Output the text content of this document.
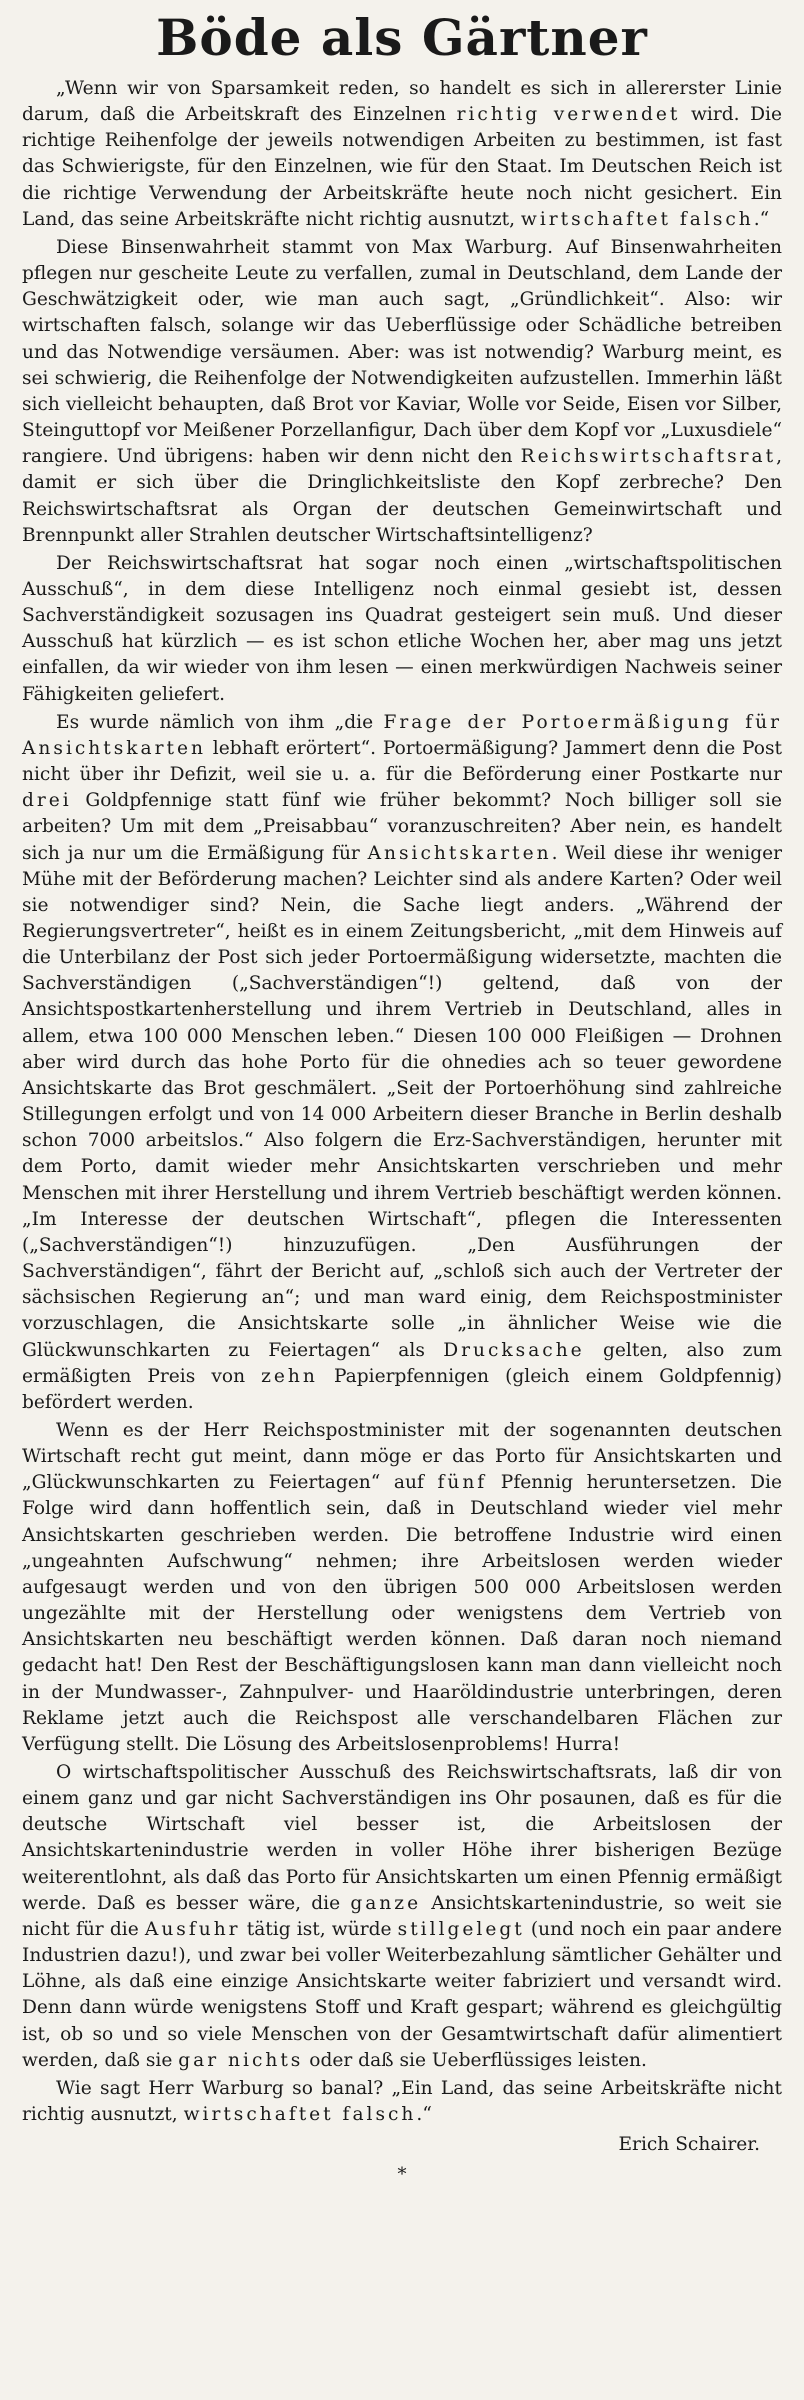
Böde als Gärtner

„Wenn wir von Sparsamkeit reden, so handelt es sich in allererster Linie darum, daß die Arbeitskraft des Einzelnen richtig verwendet wird. Die richtige Reihenfolge der jeweils notwendigen Arbeiten zu bestimmen, ist fast das Schwierigste, für den Einzelnen, wie für den Staat. Im Deutschen Reich ist die richtige Verwendung der Arbeitskräfte heute noch nicht gesichert. Ein Land, das seine Arbeitskräfte nicht richtig ausnutzt, wirtschaftet falsch.“

Diese Binsenwahrheit stammt von Max Warburg. Auf Binsenwahrheiten pflegen nur gescheite Leute zu verfallen, zumal in Deutschland, dem Lande der Geschwätzigkeit oder, wie man auch sagt, „Gründlichkeit“. Also: wir wirtschaften falsch, solange wir das Ueberflüssige oder Schädliche betreiben und das Notwendige versäumen. Aber: was ist notwendig? Warburg meint, es sei schwierig, die Reihenfolge der Notwendigkeiten aufzustellen. Immerhin läßt sich vielleicht behaupten, daß Brot vor Kaviar, Wolle vor Seide, Eisen vor Silber, Steinguttopf vor Meißener Porzellanfigur, Dach über dem Kopf vor „Luxusdiele“ rangiere. Und übrigens: haben wir denn nicht den Reichswirtschaftsrat, damit er sich über die Dringlichkeitsliste den Kopf zerbreche? Den Reichswirtschaftsrat als Organ der deutschen Gemeinwirtschaft und Brennpunkt aller Strahlen deutscher Wirtschaftsintelligenz?

Der Reichswirtschaftsrat hat sogar noch einen „wirtschaftspolitischen Ausschuß“, in dem diese Intelligenz noch einmal gesiebt ist, dessen Sachverständigkeit sozusagen ins Quadrat gesteigert sein muß. Und dieser Ausschuß hat kürzlich — es ist schon etliche Wochen her, aber mag uns jetzt einfallen, da wir wieder von ihm lesen — einen merkwürdigen Nachweis seiner Fähigkeiten geliefert.

Es wurde nämlich von ihm „die Frage der Portoermäßigung für Ansichtskarten lebhaft erörtert“. Portoermäßigung? Jammert denn die Post nicht über ihr Defizit, weil sie u. a. für die Beförderung einer Postkarte nur drei Goldpfennige statt fünf wie früher bekommt? Noch billiger soll sie arbeiten? Um mit dem „Preisabbau“ voranzuschreiten? Aber nein, es handelt sich ja nur um die Ermäßigung für Ansichtskarten. Weil diese ihr weniger Mühe mit der Beförderung machen? Leichter sind als andere Karten? Oder weil sie notwendiger sind? Nein, die Sache liegt anders. „Während der Regierungsvertreter“, heißt es in einem Zeitungsbericht, „mit dem Hinweis auf die Unterbilanz der Post sich jeder Portoermäßigung widersetzte, machten die Sachverständigen („Sachverständigen“!) geltend, daß von der Ansichtspostkartenherstellung und ihrem Vertrieb in Deutschland, alles in allem, etwa 100 000 Menschen leben.“ Diesen 100 000 Fleißigen — Drohnen aber wird durch das hohe Porto für die ohnedies ach so teuer gewordene Ansichtskarte das Brot geschmälert. „Seit der Portoerhöhung sind zahlreiche Stillegungen erfolgt und von 14 000 Arbeitern dieser Branche in Berlin deshalb schon 7000 arbeitslos.“ Also folgern die Erz-Sachverständigen, herunter mit dem Porto, damit wieder mehr Ansichtskarten verschrieben und mehr Menschen mit ihrer Herstellung und ihrem Vertrieb beschäftigt werden können. „Im Interesse der deutschen Wirtschaft“, pflegen die Interessenten („Sachverständigen“!) hinzuzufügen. „Den Ausführungen der Sachverständigen“, fährt der Bericht auf, „schloß sich auch der Vertreter der sächsischen Regierung an“; und man ward einig, dem Reichspostminister vorzuschlagen, die Ansichtskarte solle „in ähnlicher Weise wie die Glückwunschkarten zu Feiertagen“ als Drucksache gelten, also zum ermäßigten Preis von zehn Papierpfennigen (gleich einem Goldpfennig) befördert werden.

Wenn es der Herr Reichspostminister mit der sogenannten deutschen Wirtschaft recht gut meint, dann möge er das Porto für Ansichtskarten und „Glückwunschkarten zu Feiertagen“ auf fünf Pfennig heruntersetzen. Die Folge wird dann hoffentlich sein, daß in Deutschland wieder viel mehr Ansichtskarten geschrieben werden. Die betroffene Industrie wird einen „ungeahnten Aufschwung“ nehmen; ihre Arbeitslosen werden wieder aufgesaugt werden und von den übrigen 500 000 Arbeitslosen werden ungezählte mit der Herstellung oder wenigstens dem Vertrieb von Ansichtskarten neu beschäftigt werden können. Daß daran noch niemand gedacht hat! Den Rest der Beschäftigungslosen kann man dann vielleicht noch in der Mundwasser-, Zahnpulver- und Haaröldindustrie unterbringen, deren Reklame jetzt auch die Reichspost alle verschandelbaren Flächen zur Verfügung stellt. Die Lösung des Arbeitslosenproblems! Hurra!

O wirtschaftspolitischer Ausschuß des Reichswirtschaftsrats, laß dir von einem ganz und gar nicht Sachverständigen ins Ohr posaunen, daß es für die deutsche Wirtschaft viel besser ist, die Arbeitslosen der Ansichtskartenindustrie werden in voller Höhe ihrer bisherigen Bezüge weiterentlohnt, als daß das Porto für Ansichtskarten um einen Pfennig ermäßigt werde. Daß es besser wäre, die ganze Ansichtskartenindustrie, so weit sie nicht für die Ausfuhr tätig ist, würde stillgelegt (und noch ein paar andere Industrien dazu!), und zwar bei voller Weiterbezahlung sämtlicher Gehälter und Löhne, als daß eine einzige Ansichtskarte weiter fabriziert und versandt wird. Denn dann würde wenigstens Stoff und Kraft gespart; während es gleichgültig ist, ob so und so viele Menschen von der Gesamtwirtschaft dafür alimentiert werden, daß sie gar nichts oder daß sie Ueberflüssiges leisten.

Wie sagt Herr Warburg so banal? „Ein Land, das seine Arbeitskräfte nicht richtig ausnutzt, wirtschaftet falsch.“

Erich Schairer.
*
